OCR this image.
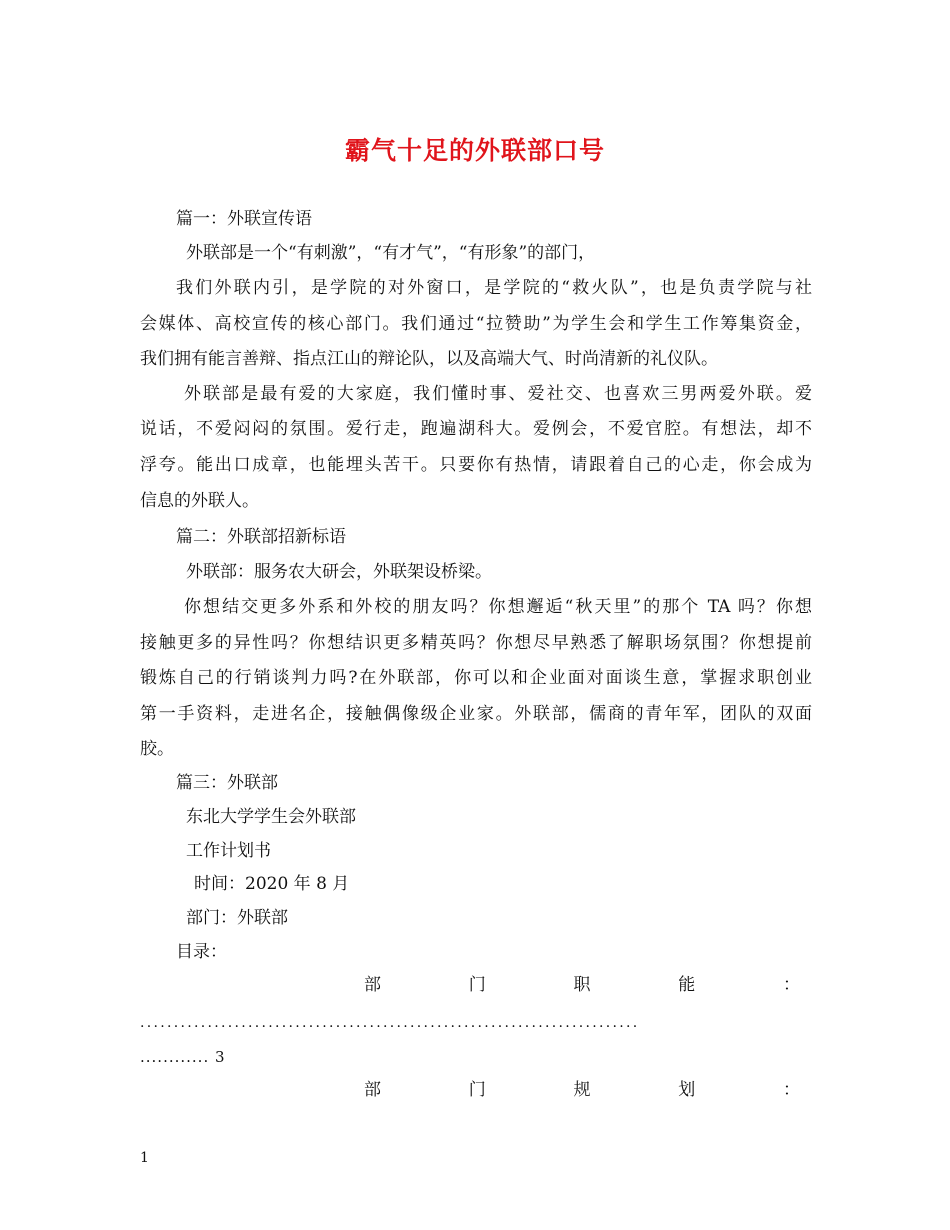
霸气十足的外联部口号
篇一：外联宣传语
外联部是一个“有刺激”，“有才气”，“有形象”的部门，
我们外联内引，是学院的对外窗口，是学院的“救火队”，也是负责学院与社
会媒体、高校宣传的核心部门。我们通过“拉赞助”为学生会和学生工作筹集资金，
我们拥有能言善辩、指点江山的辩论队，以及高端大气、时尚清新的礼仪队。
外联部是最有爱的大家庭，我们懂时事、爱社交、也喜欢三男两爱外联。爱
说话，不爱闷闷的氛围。爱行走，跑遍湖科大。爱例会，不爱官腔。有想法，却不
浮夸。能出口成章，也能埋头苦干。只要你有热情，请跟着自己的心走，你会成为
信息的外联人。
篇二：外联部招新标语
外联部：服务农大研会，外联架设桥梁。
你想结交更多外系和外校的朋友吗？你想邂逅“秋天里”的那个 TA 吗？你想
接触更多的异性吗？你想结识更多精英吗？你想尽早熟悉了解职场氛围？你想提前
锻炼自己的行销谈判力吗?在外联部，你可以和企业面对面谈生意，掌握求职创业
第一手资料，走进名企，接触偶像级企业家。外联部，儒商的青年军，团队的双面
胶。
篇三：外联部
东北大学学生会外联部
工作计划书
时间：2020 年 8 月
部门：外联部
目录：
部	门	职	能	：
..........................................................................
............ 3
部	门	规	划	：
1
